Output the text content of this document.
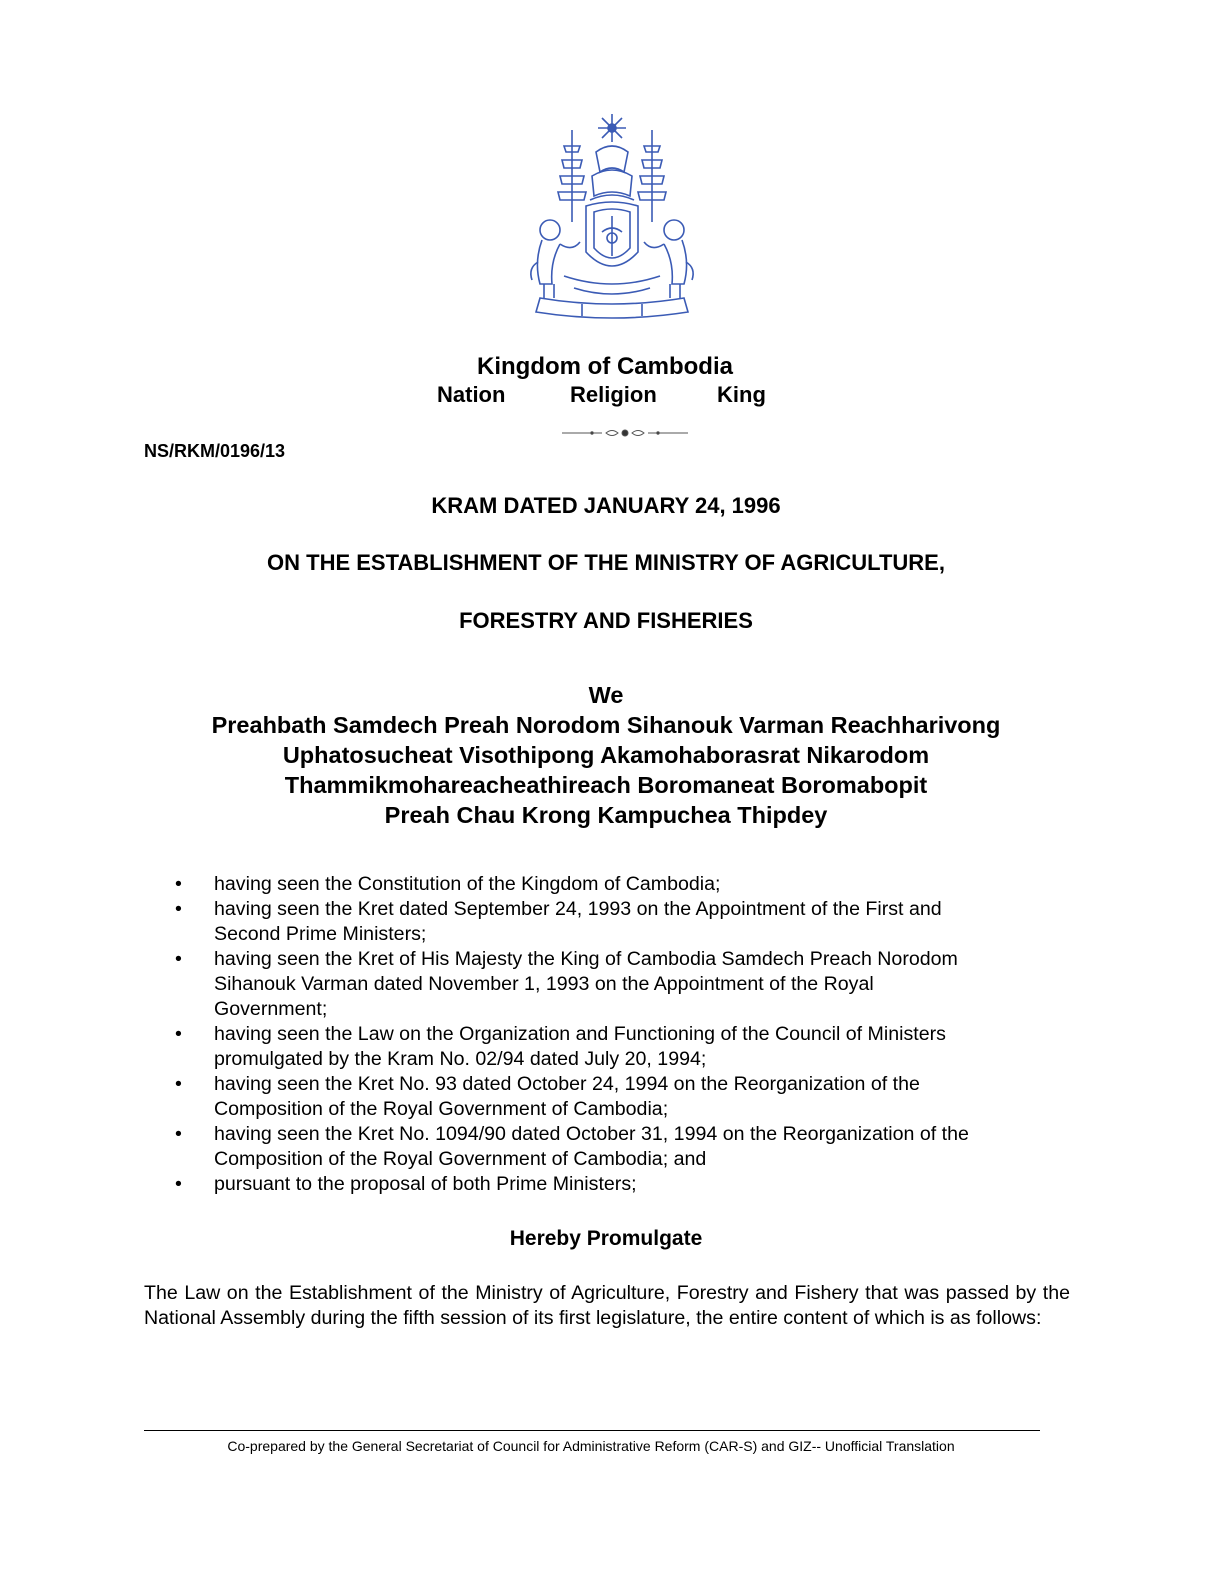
Kingdom of Cambodia
Nation	Religion	King
NS/RKM/0196/13
KRAM DATED JANUARY 24, 1996
ON THE ESTABLISHMENT OF THE MINISTRY OF AGRICULTURE,
FORESTRY AND FISHERIES
We
Preahbath Samdech Preah Norodom Sihanouk Varman Reachharivong
Uphatosucheat Visothipong Akamohaborasrat Nikarodom
Thammikmohareacheathireach Boromaneat Boromabopit
Preah Chau Krong Kampuchea Thipdey
• having seen the Constitution of the Kingdom of Cambodia;
• having seen the Kret dated September 24, 1993 on the Appointment of the First and
Second Prime Ministers;
• having seen the Kret of His Majesty the King of Cambodia Samdech Preach Norodom
Sihanouk Varman dated November 1, 1993 on the Appointment of the Royal
Government;
• having seen the Law on the Organization and Functioning of the Council of Ministers
promulgated by the Kram No. 02/94 dated July 20, 1994;
• having seen the Kret No. 93 dated October 24, 1994 on the Reorganization of the
Composition of the Royal Government of Cambodia;
• having seen the Kret No. 1094/90 dated October 31, 1994 on the Reorganization of the
Composition of the Royal Government of Cambodia; and
• pursuant to the proposal of both Prime Ministers;
Hereby Promulgate
The Law on the Establishment of the Ministry of Agriculture, Forestry and Fishery that was passed by the National Assembly during the fifth session of its first legislature, the entire content of which is as follows:
Co-prepared by the General Secretariat of Council for Administrative Reform (CAR-S) and GIZ-- Unofficial Translation
